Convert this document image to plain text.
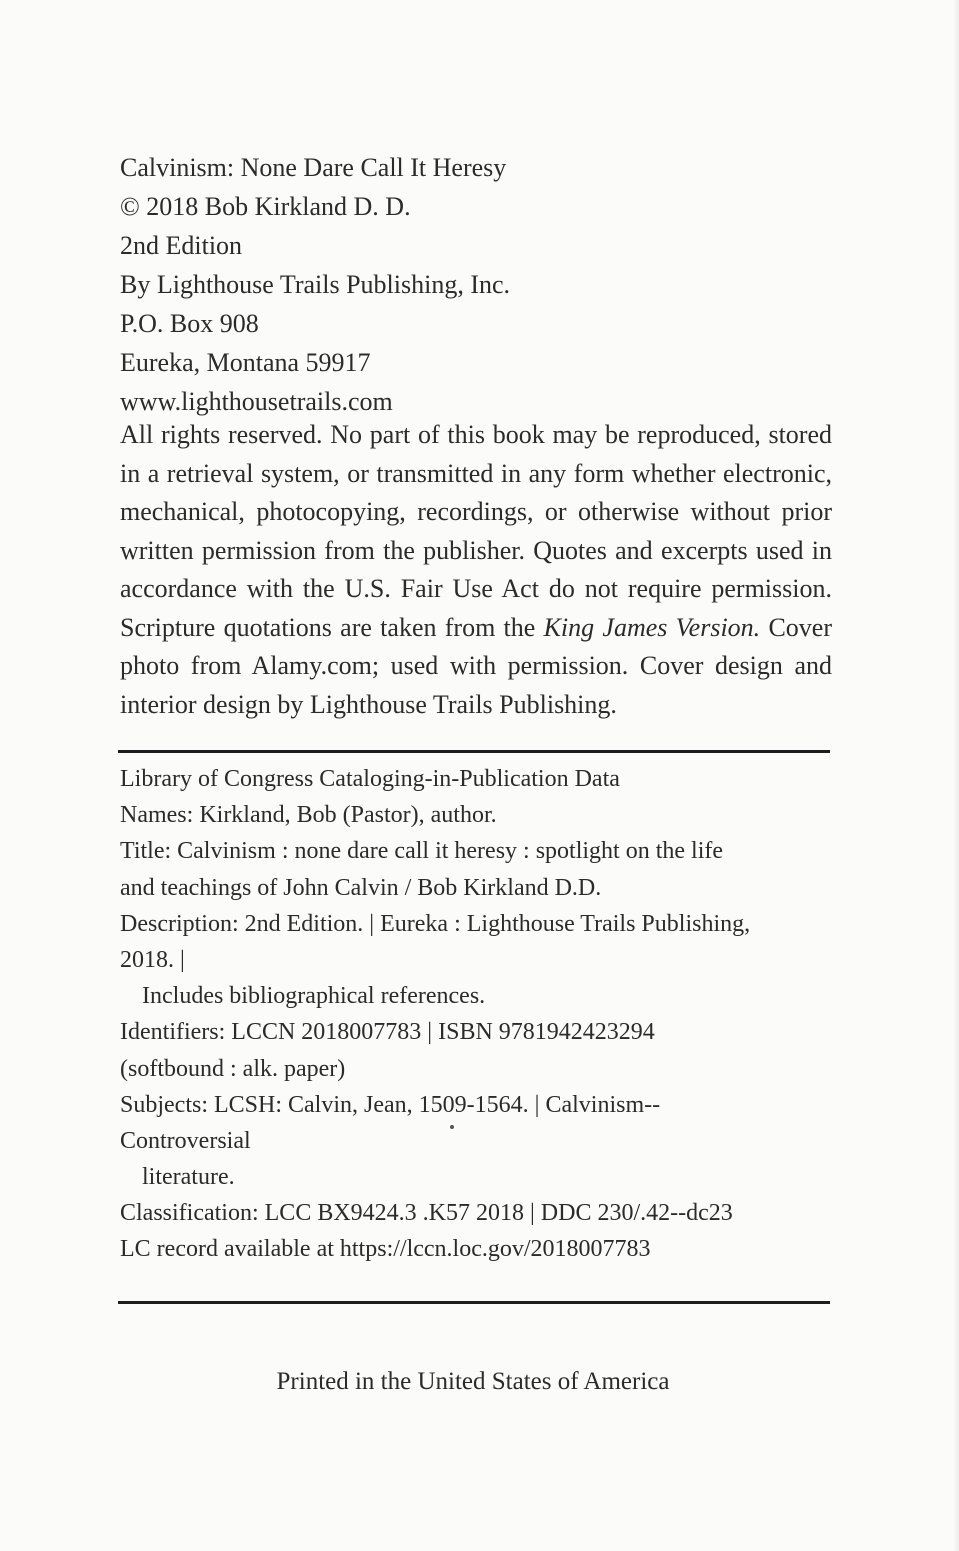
Calvinism: None Dare Call It Heresy
© 2018 Bob Kirkland D. D.
2nd Edition
By Lighthouse Trails Publishing, Inc.
P.O. Box 908
Eureka, Montana 59917
www.lighthousetrails.com
All rights reserved. No part of this book may be reproduced, stored in a retrieval system, or transmitted in any form whether electronic, mechanical, photocopying, recordings, or otherwise without prior written permission from the publisher. Quotes and excerpts used in accordance with the U.S. Fair Use Act do not require permission. Scripture quotations are taken from the King James Version. Cover photo from Alamy.com; used with permission. Cover design and interior design by Lighthouse Trails Publishing.
Library of Congress Cataloging-in-Publication Data
Names: Kirkland, Bob (Pastor), author.
Title: Calvinism : none dare call it heresy : spotlight on the life
and teachings of John Calvin / Bob Kirkland D.D.
Description: 2nd Edition. | Eureka : Lighthouse Trails Publishing,
2018. |
Includes bibliographical references.
Identifiers: LCCN 2018007783 | ISBN 9781942423294
(softbound : alk. paper)
Subjects: LCSH: Calvin, Jean, 1509-1564. | Calvinism--
Controversial
literature.
Classification: LCC BX9424.3 .K57 2018 | DDC 230/.42--dc23
LC record available at https://lccn.loc.gov/2018007783
Printed in the United States of America
